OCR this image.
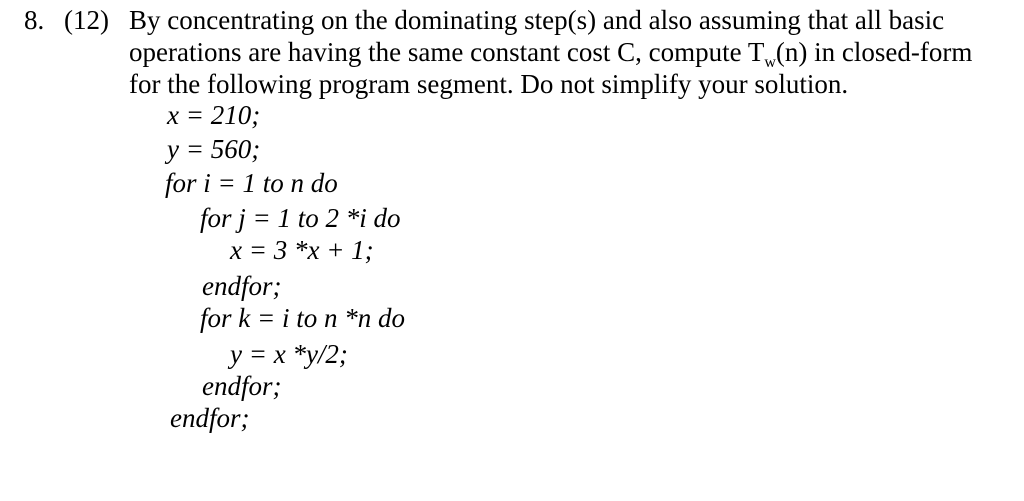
8. (12) By concentrating on the dominating step(s) and also assuming that all basic
operations are having the same constant cost C, compute $T_w(n)$ in closed-form
for the following program segment. Do not simplify your solution.
x = 210;
y = 560;
for i = 1 to n do
for j = 1 to 2 *i do
x = 3 *x + 1;
endfor;
for k = i to n *n do
y = x *y/2;
endfor;
endfor;
